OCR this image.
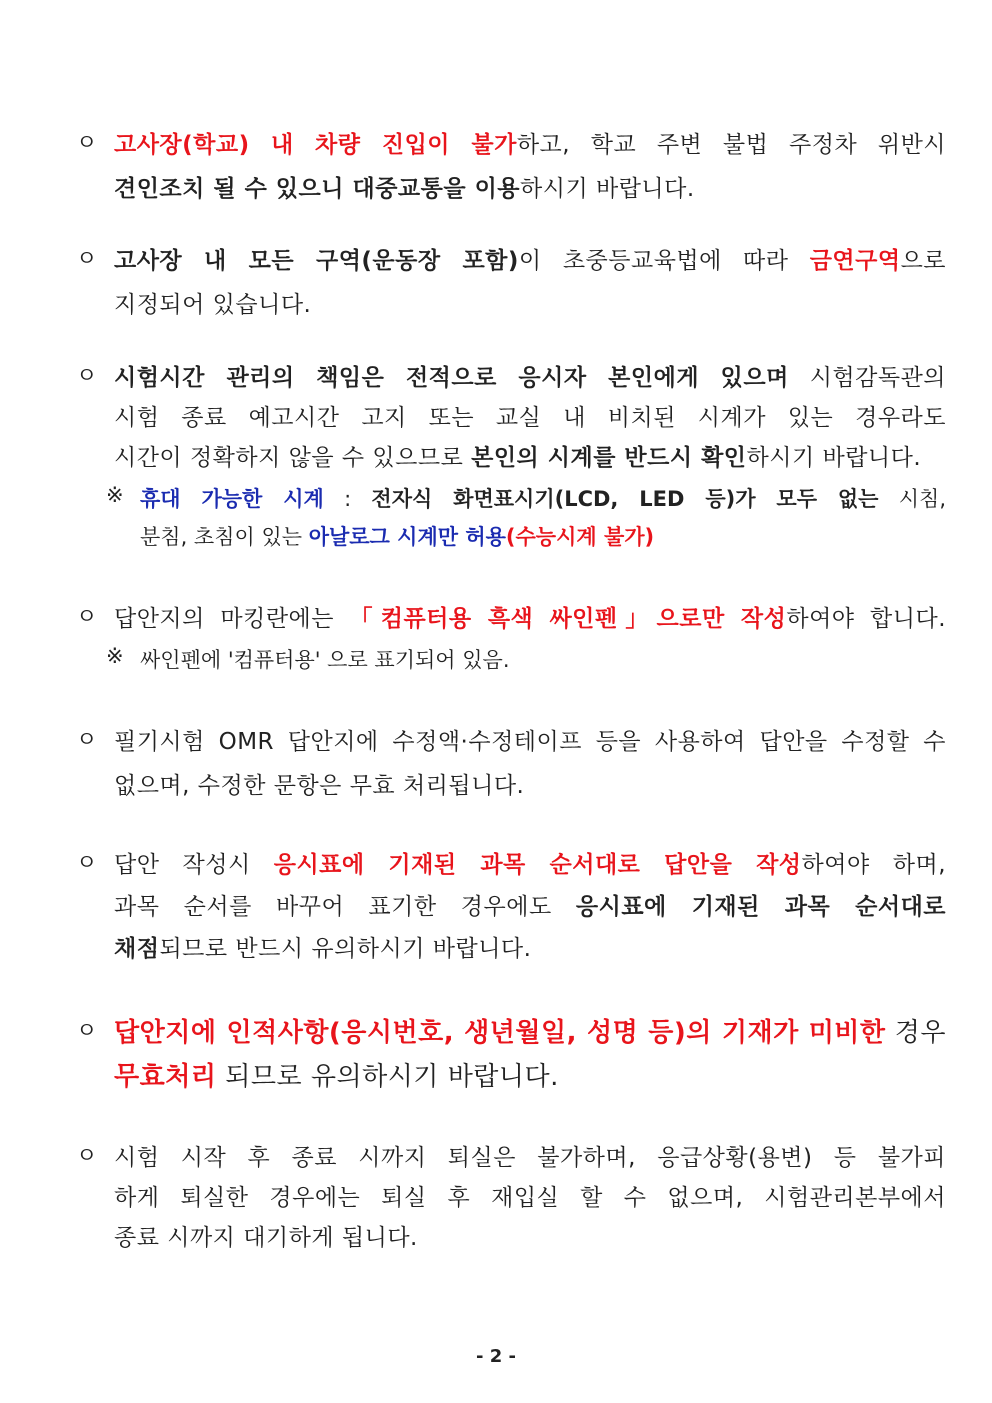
ㅇ 고사장(학교) 내 차량 진입이 불가하고, 학교 주변 불법 주정차 위반시
견인조치 될 수 있으니 대중교통을 이용하시기 바랍니다.
ㅇ 고사장 내 모든 구역(운동장 포함)이 초중등교육법에 따라 금연구역으로
지정되어 있습니다.
ㅇ 시험시간 관리의 책임은 전적으로 응시자 본인에게 있으며 시험감독관의
시험 종료 예고시간 고지 또는 교실 내 비치된 시계가 있는 경우라도
시간이 정확하지 않을 수 있으므로 본인의 시계를 반드시 확인하시기 바랍니다.
※ 휴대 가능한 시계 : 전자식 화면표시기(LCD, LED 등)가 모두 없는 시침,
분침, 초침이 있는 아날로그 시계만 허용(수능시계 불가)
ㅇ 답안지의 마킹란에는 「컴퓨터용 흑색 싸인펜」으로만 작성하여야 합니다.
※ 싸인펜에 '컴퓨터용' 으로 표기되어 있음.
ㅇ 필기시험 OMR 답안지에 수정액·수정테이프 등을 사용하여 답안을 수정할 수
없으며, 수정한 문항은 무효 처리됩니다.
ㅇ 답안 작성시 응시표에 기재된 과목 순서대로 답안을 작성하여야 하며,
과목 순서를 바꾸어 표기한 경우에도 응시표에 기재된 과목 순서대로
채점되므로 반드시 유의하시기 바랍니다.
ㅇ 답안지에 인적사항(응시번호, 생년월일, 성명 등)의 기재가 미비한 경우
무효처리 되므로 유의하시기 바랍니다.
ㅇ 시험 시작 후 종료 시까지 퇴실은 불가하며, 응급상황(용변) 등 불가피
하게 퇴실한 경우에는 퇴실 후 재입실 할 수 없으며, 시험관리본부에서
종료 시까지 대기하게 됩니다.
- 2 -
